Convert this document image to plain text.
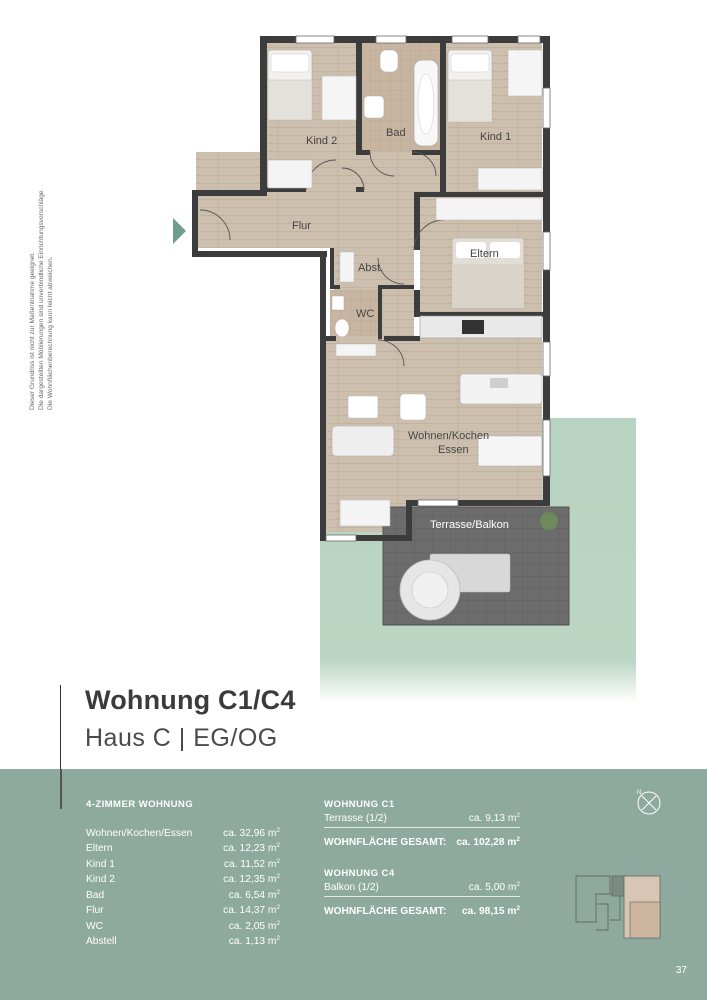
Dieser Grundriss ist nicht zur Maßentnahme geeignet. Die dargestellten Möblierungen sind unverbindliche Einrichtungsvorschläge. Die Wohnflächenberechnung kann leicht abweichen.
Kind 2
Bad	Kind 1
Flur
Abst.
Eltern
WC
Wohnen/Kochen
Essen
Terrasse/Balkon
Wohnung C1/C4
Haus C | EG/OG
4-ZIMMER WOHNUNG
Wohnen/Kochen/Essen	ca. 32,96 $m^2$
Eltern	ca. 12,23 $m^2$
Kind 1	ca. 11,52 $m^2$
Kind 2	ca. 12,35 $m^2$
Bad	ca. 6,54 $m^2$
Flur	ca. 14,37 $m^2$
WC	ca. 2,05 $m^2$
Abstell	ca. 1,13 $m^2$
WOHNUNG C1
Terrasse (1/2)	ca. 9,13 $m^2$
WOHNFLÄCHE GESAMT: ca. 102,28 $m^2$
WOHNUNG C4
Balkon (1/2)	ca. 5,00 $m^2$
WOHNFLÄCHE GESAMT: ca. 98,15 $m^2$
N
37
